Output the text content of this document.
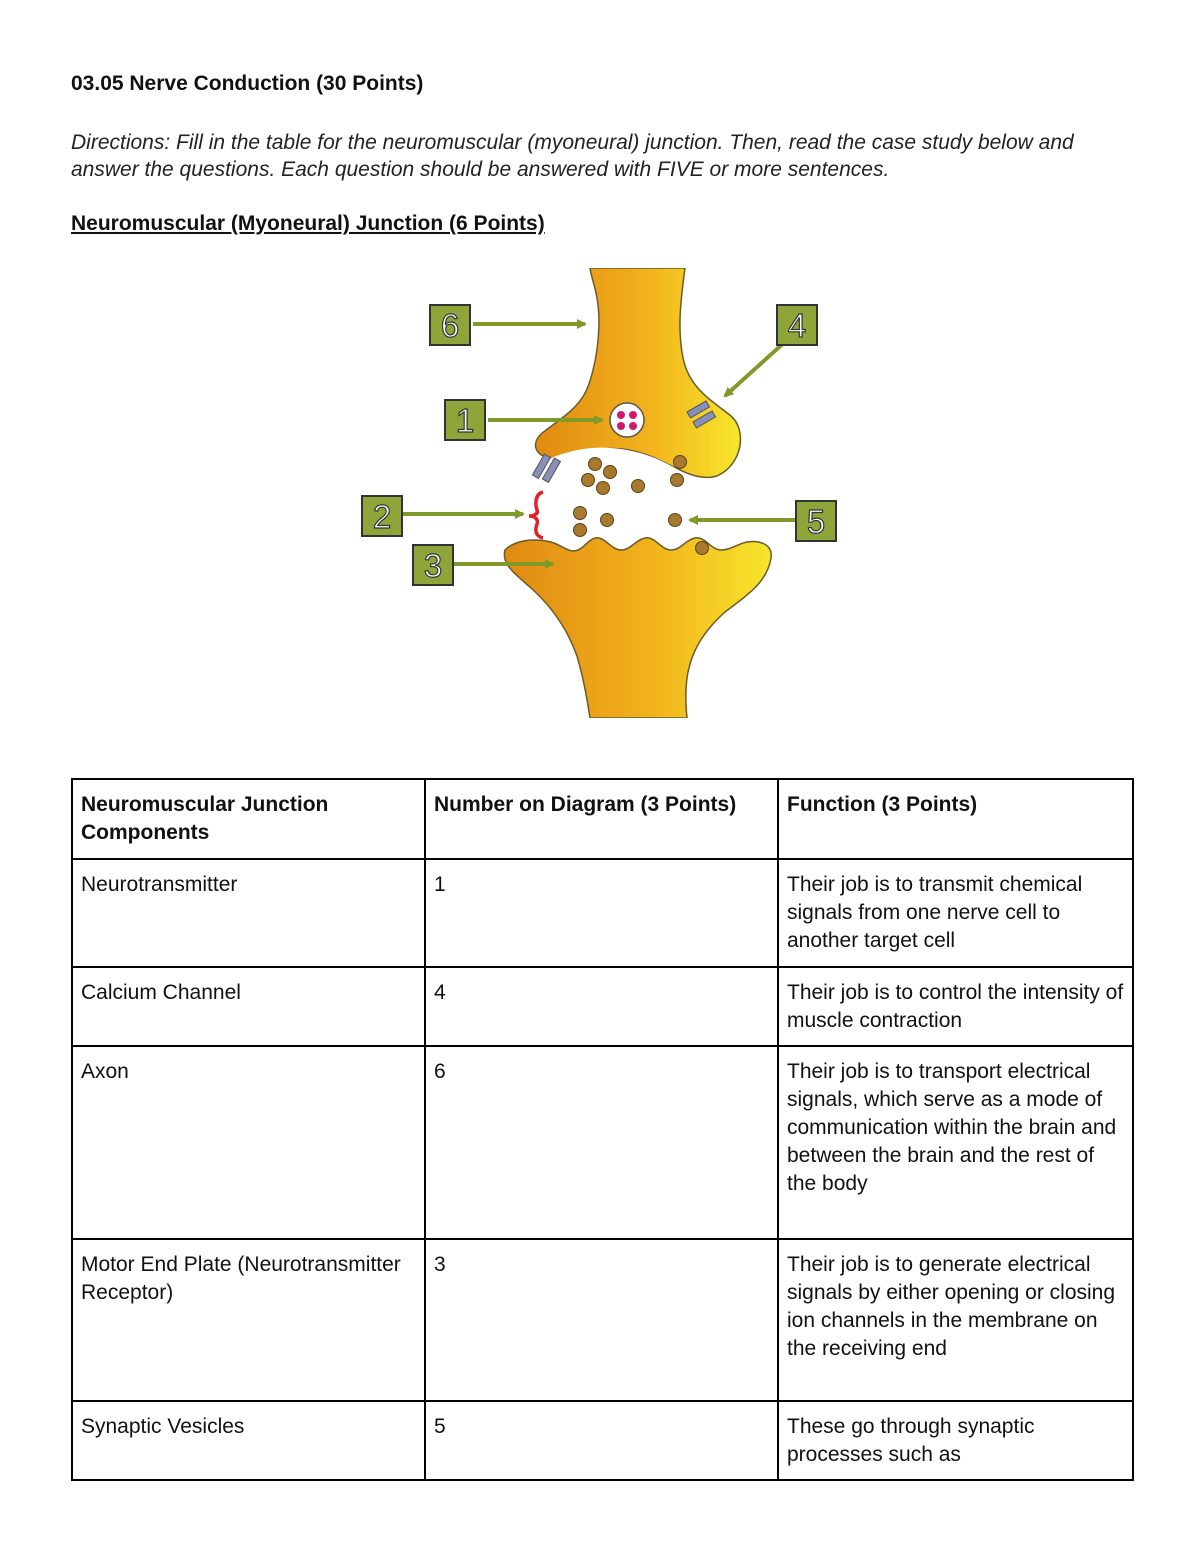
03.05 Nerve Conduction (30 Points)
Directions: Fill in the table for the neuromuscular (myoneural) junction. Then, read the case study below and answer the questions. Each question should be answered with FIVE or more sentences.
Neuromuscular (Myoneural) Junction (6 Points)
6
1
4
2	5
3
Neuromuscular Junction Components	Number on Diagram (3 Points)	Function (3 Points)
Neurotransmitter	1	Their job is to transmit chemical signals from one nerve cell to another target cell
Calcium Channel	4	Their job is to control the intensity of muscle contraction
Axon	6	Their job is to transport electrical signals, which serve as a mode of communication within the brain and between the brain and the rest of the body
Motor End Plate (Neurotransmitter Receptor)	3	Their job is to generate electrical signals by either opening or closing ion channels in the membrane on the receiving end
Synaptic Vesicles	5	These go through synaptic processes such as
